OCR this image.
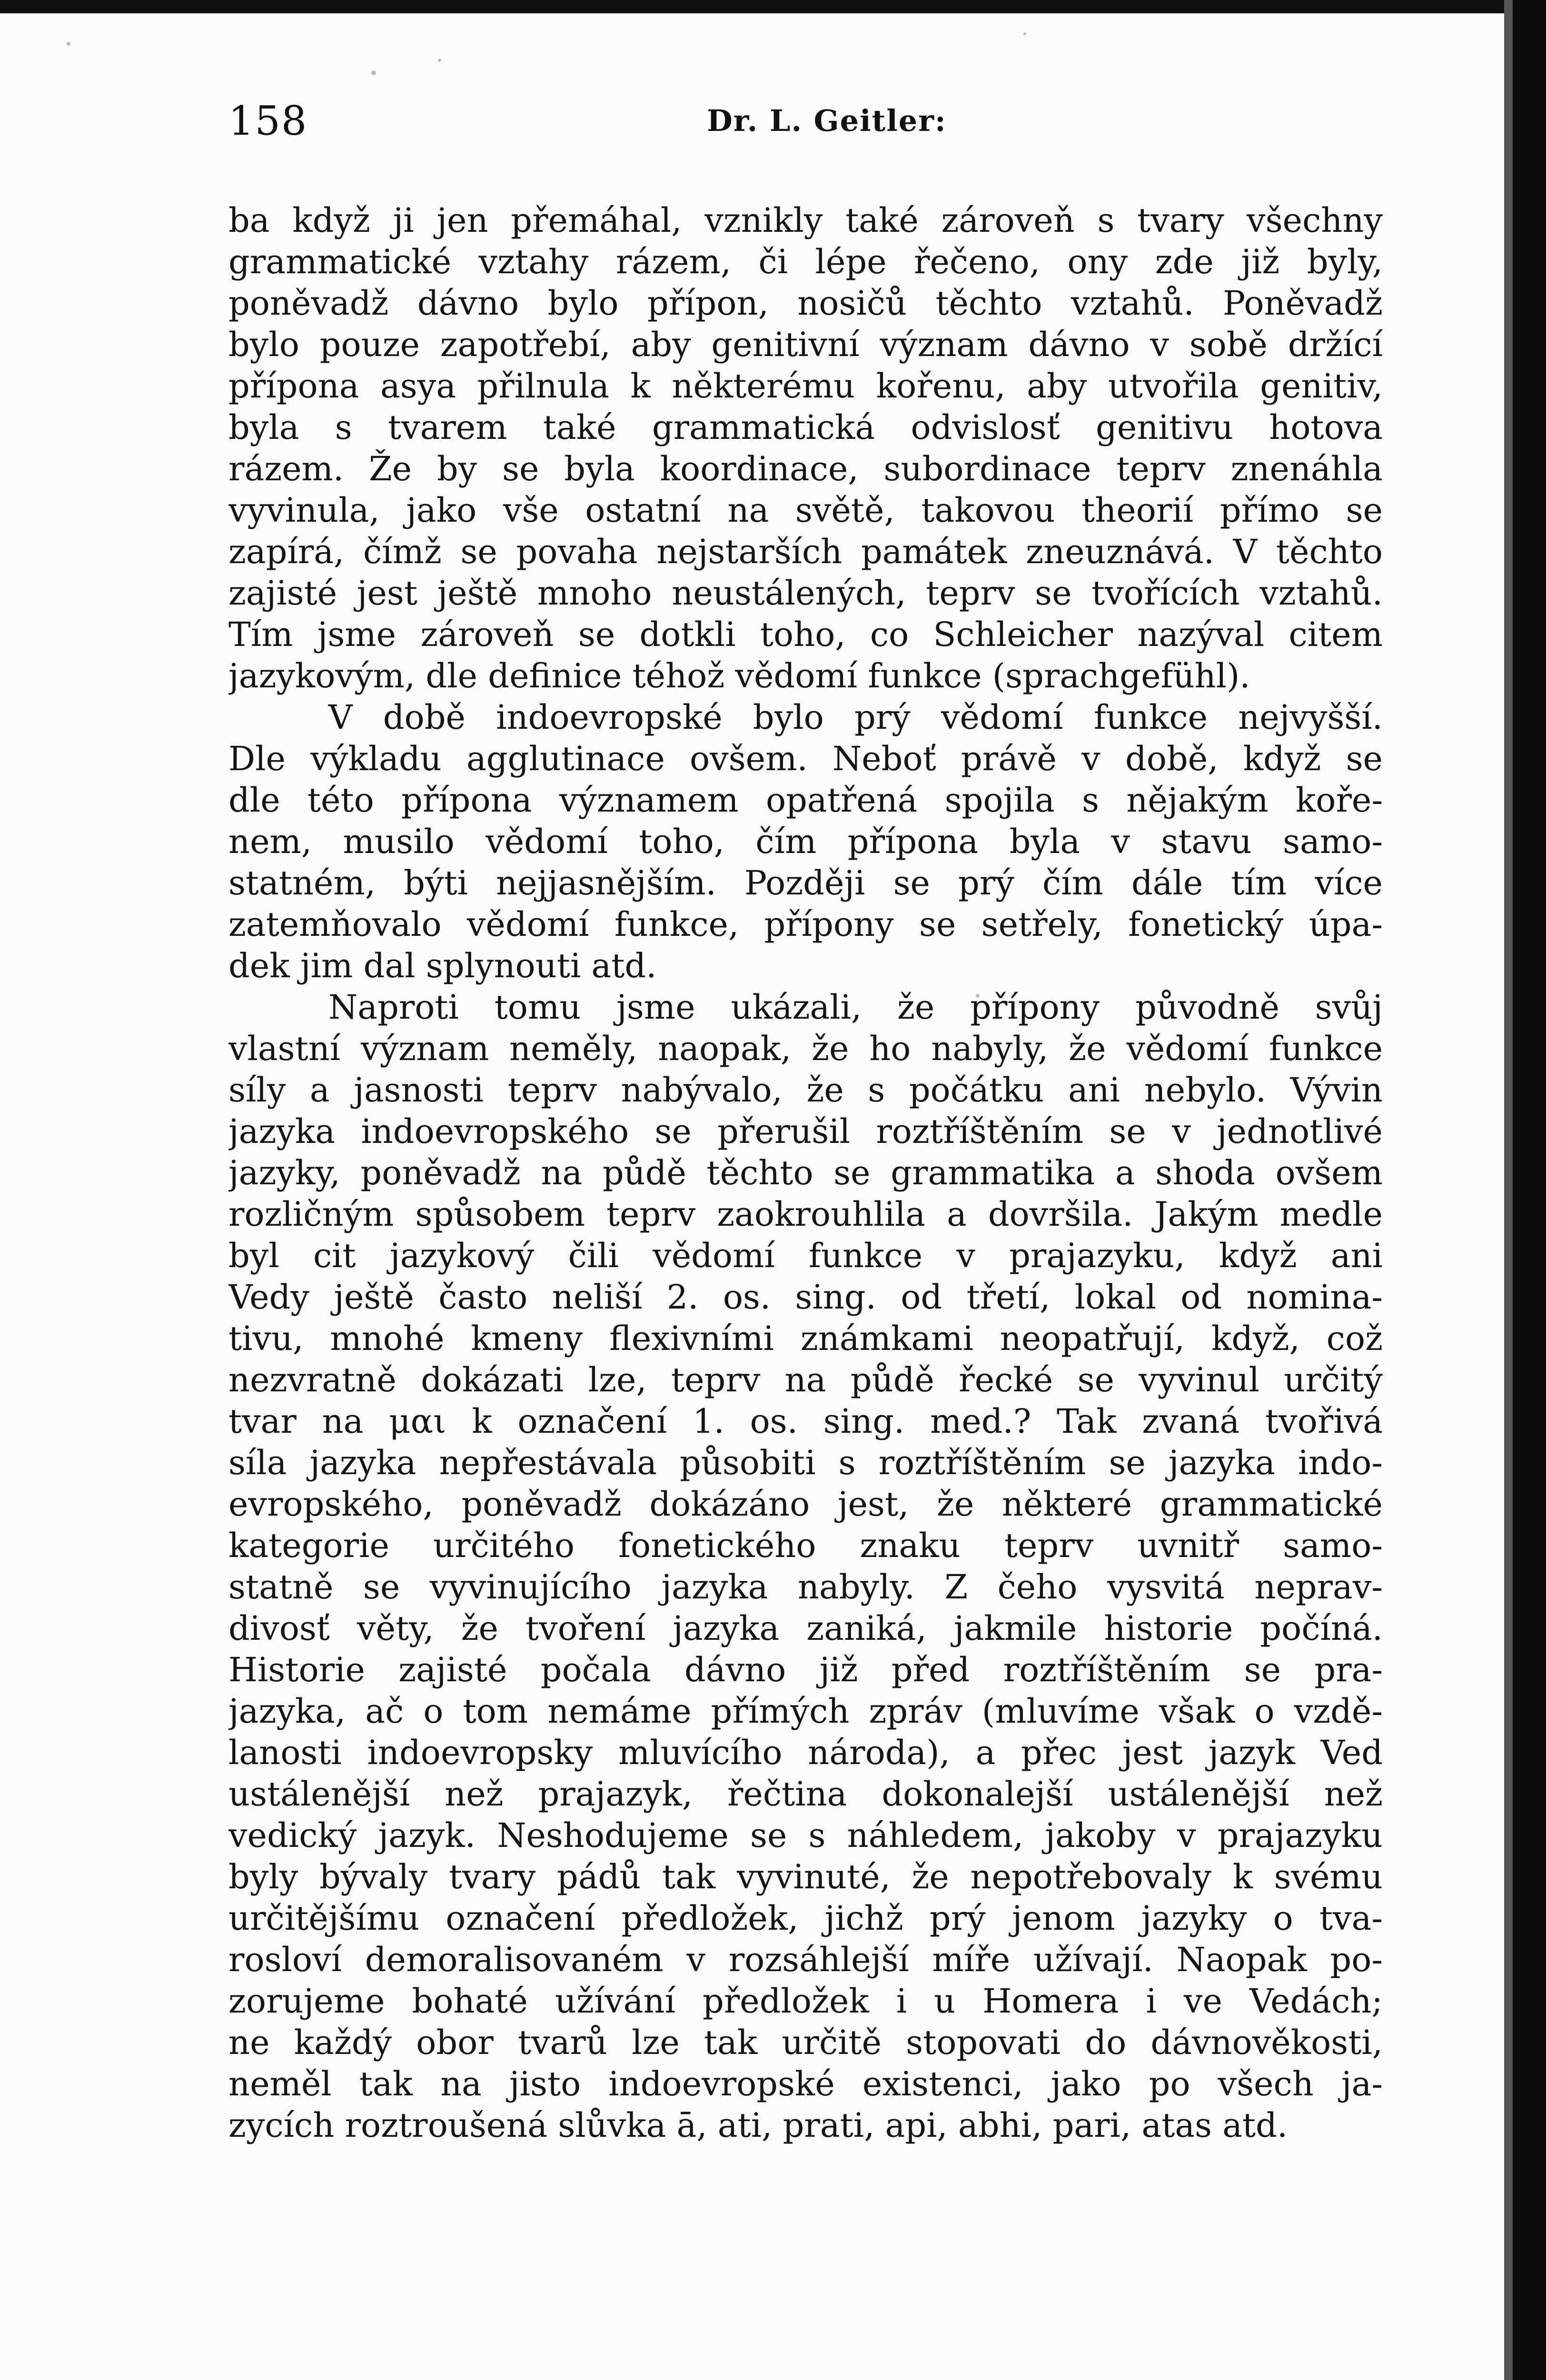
158	Dr. L. Geitler:
ba když ji jen přemáhal, vznikly také zároveň s tvary všechny
grammatické vztahy rázem, či lépe řečeno, ony zde již byly,
poněvadž dávno bylo přípon, nosičů těchto vztahů. Poněvadž
bylo pouze zapotřebí, aby genitivní význam dávno v sobě držící
přípona asya přilnula k některému kořenu, aby utvořila genitiv,
byla s tvarem také grammatická odvislosť genitivu hotova
rázem. Že by se byla koordinace, subordinace teprv znenáhla
vyvinula, jako vše ostatní na světě, takovou theorií přímo se
zapírá, čímž se povaha nejstarších památek zneuznává. V těchto
zajisté jest ještě mnoho neustálených, teprv se tvořících vztahů.
Tím jsme zároveň se dotkli toho, co Schleicher nazýval citem
jazykovým, dle definice téhož vědomí funkce (sprachgefühl).
V době indoevropské bylo prý vědomí funkce nejvyšší.
Dle výkladu agglutinace ovšem. Neboť právě v době, když se
dle této přípona významem opatřená spojila s nějakým koře-
nem, musilo vědomí toho, čím přípona byla v stavu samo-
statném, býti nejjasnějším. Později se prý čím dále tím více
zatemňovalo vědomí funkce, přípony se setřely, fonetický úpa-
dek jim dal splynouti atd.
Naproti tomu jsme ukázali, že přípony původně svůj
vlastní význam neměly, naopak, že ho nabyly, že vědomí funkce
síly a jasnosti teprv nabývalo, že s počátku ani nebylo. Vývin
jazyka indoevropského se přerušil roztříštěním se v jednotlivé
jazyky, poněvadž na půdě těchto se grammatika a shoda ovšem
rozličným spůsobem teprv zaokrouhlila a dovršila. Jakým medle
byl cit jazykový čili vědomí funkce v prajazyku, když ani
Vedy ještě často neliší 2. os. sing. od třetí, lokal od nomina-
tivu, mnohé kmeny flexivními známkami neopatřují, když, což
nezvratně dokázati lze, teprv na půdě řecké se vyvinul určitý
tvar na μαι k označení 1. os. sing. med.? Tak zvaná tvořivá
síla jazyka nepřestávala působiti s roztříštěním se jazyka indo-
evropského, poněvadž dokázáno jest, že některé grammatické
kategorie určitého fonetického znaku teprv uvnitř samo-
statně se vyvinujícího jazyka nabyly. Z čeho vysvitá neprav-
divosť věty, že tvoření jazyka zaniká, jakmile historie počíná.
Historie zajisté počala dávno již před roztříštěním se pra-
jazyka, ač o tom nemáme přímých zpráv (mluvíme však o vzdě-
lanosti indoevropsky mluvícího národa), a přec jest jazyk Ved
ustálenější než prajazyk, řečtina dokonalejší ustálenější než
vedický jazyk. Neshodujeme se s náhledem, jakoby v prajazyku
byly bývaly tvary pádů tak vyvinuté, že nepotřebovaly k svému
určitějšímu označení předložek, jichž prý jenom jazyky o tva-
rosloví demoralisovaném v rozsáhlejší míře užívají. Naopak po-
zorujeme bohaté užívání předložek i u Homera i ve Vedách;
ne každý obor tvarů lze tak určitě stopovati do dávnověkosti,
neměl tak na jisto indoevropské existenci, jako po všech ja-
zycích roztroušená slůvka ā, ati, prati, api, abhi, pari, atas atd.
